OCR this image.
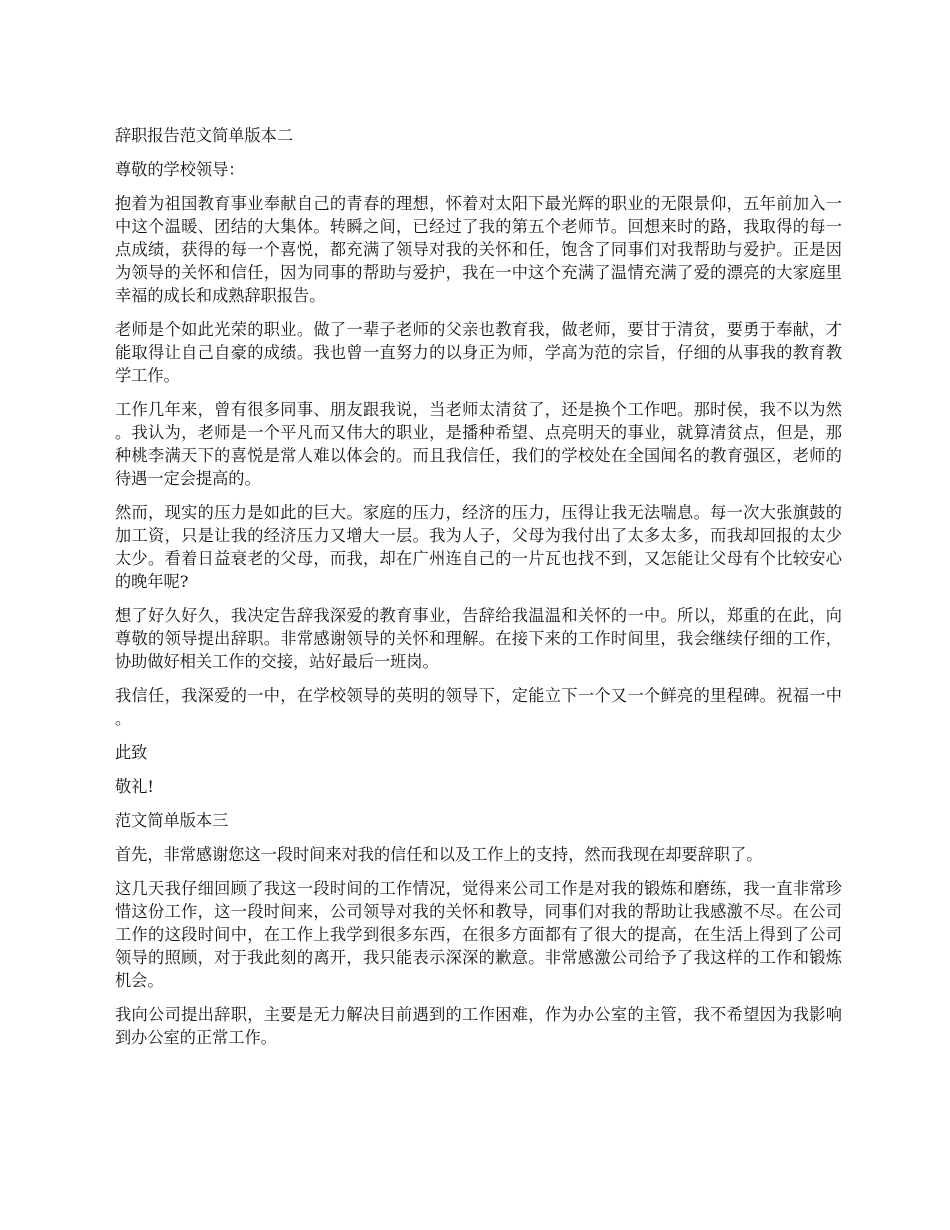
辞职报告范文简单版本二

尊敬的学校领导：

抱着为祖国教育事业奉献自己的青春的理想，怀着对太阳下最光辉的职业的无限景仰，五年前加入一中这个温暖、团结的大集体。转瞬之间，已经过了我的第五个老师节。回想来时的路，我取得的每一点成绩，获得的每一个喜悦，都充满了领导对我的关怀和任，饱含了同事们对我帮助与爱护。正是因为领导的关怀和信任，因为同事的帮助与爱护，我在一中这个充满了温情充满了爱的漂亮的大家庭里幸福的成长和成熟辞职报告。

老师是个如此光荣的职业。做了一辈子老师的父亲也教育我，做老师，要甘于清贫，要勇于奉献，才能取得让自己自豪的成绩。我也曾一直努力的以身正为师，学高为范的宗旨，仔细的从事我的教育教学工作。

工作几年来，曾有很多同事、朋友跟我说，当老师太清贫了，还是换个工作吧。那时侯，我不以为然。我认为，老师是一个平凡而又伟大的职业，是播种希望、点亮明天的事业，就算清贫点，但是，那种桃李满天下的喜悦是常人难以体会的。而且我信任，我们的学校处在全国闻名的教育强区，老师的待遇一定会提高的。

然而，现实的压力是如此的巨大。家庭的压力，经济的压力，压得让我无法喘息。每一次大张旗鼓的加工资，只是让我的经济压力又增大一层。我为人子，父母为我付出了太多太多，而我却回报的太少太少。看着日益衰老的父母，而我，却在广州连自己的一片瓦也找不到，又怎能让父母有个比较安心的晚年呢?

想了好久好久，我决定告辞我深爱的教育事业，告辞给我温温和关怀的一中。所以，郑重的在此，向尊敬的领导提出辞职。非常感谢领导的关怀和理解。在接下来的工作时间里，我会继续仔细的工作，协助做好相关工作的交接，站好最后一班岗。

我信任，我深爱的一中，在学校领导的英明的领导下，定能立下一个又一个鲜亮的里程碑。祝福一中。

此致

敬礼!

范文简单版本三

首先，非常感谢您这一段时间来对我的信任和以及工作上的支持，然而我现在却要辞职了。

这几天我仔细回顾了我这一段时间的工作情况，觉得来公司工作是对我的锻炼和磨练，我一直非常珍惜这份工作，这一段时间来，公司领导对我的关怀和教导，同事们对我的帮助让我感激不尽。在公司工作的这段时间中，在工作上我学到很多东西，在很多方面都有了很大的提高，在生活上得到了公司领导的照顾，对于我此刻的离开，我只能表示深深的歉意。非常感激公司给予了我这样的工作和锻炼机会。

我向公司提出辞职，主要是无力解决目前遇到的工作困难，作为办公室的主管，我不希望因为我影响到办公室的正常工作。
